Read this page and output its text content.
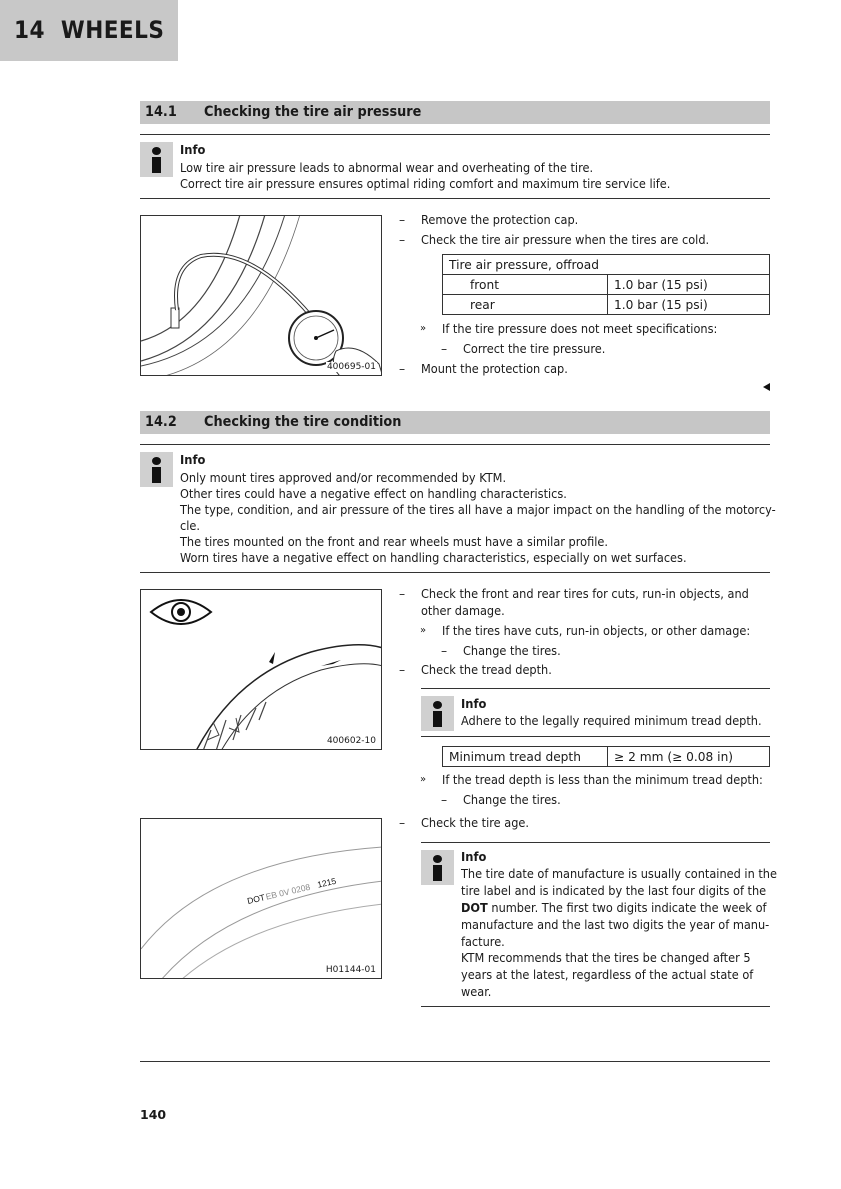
14 WHEELS
14.1 Checking the tire air pressure
Info
Low tire air pressure leads to abnormal wear and overheating of the tire.
Correct tire air pressure ensures optimal riding comfort and maximum tire service life.
400695-01
– Remove the protection cap.
– Check the tire air pressure when the tires are cold.
Tire air pressure, offroad	
front	1.0 bar (15 psi)
rear	1.0 bar (15 psi)
» If the tire pressure does not meet specifications:
– Correct the tire pressure.
– Mount the protection cap.
14.2 Checking the tire condition
Info
Only mount tires approved and/or recommended by KTM.
Other tires could have a negative effect on handling characteristics.
The type, condition, and air pressure of the tires all have a major impact on the handling of the motorcy-
cle.
The tires mounted on the front and rear wheels must have a similar profile.
Worn tires have a negative effect on handling characteristics, especially on wet surfaces.
400602-10
DOT
EB 0V 0208 1215
H01144-01
– Check the front and rear tires for cuts, run-in objects, and
other damage.
» If the tires have cuts, run-in objects, or other damage:
– Change the tires.
– Check the tread depth.
Info
Adhere to the legally required minimum tread depth.
Minimum tread depth	≥ 2 mm (≥ 0.08 in)
» If the tread depth is less than the minimum tread depth:
– Change the tires.
– Check the tire age.
Info
The tire date of manufacture is usually contained in the
tire label and is indicated by the last four digits of the
DOT number. The first two digits indicate the week of
manufacture and the last two digits the year of manu-
facture.
KTM recommends that the tires be changed after 5
years at the latest, regardless of the actual state of
wear.
140
